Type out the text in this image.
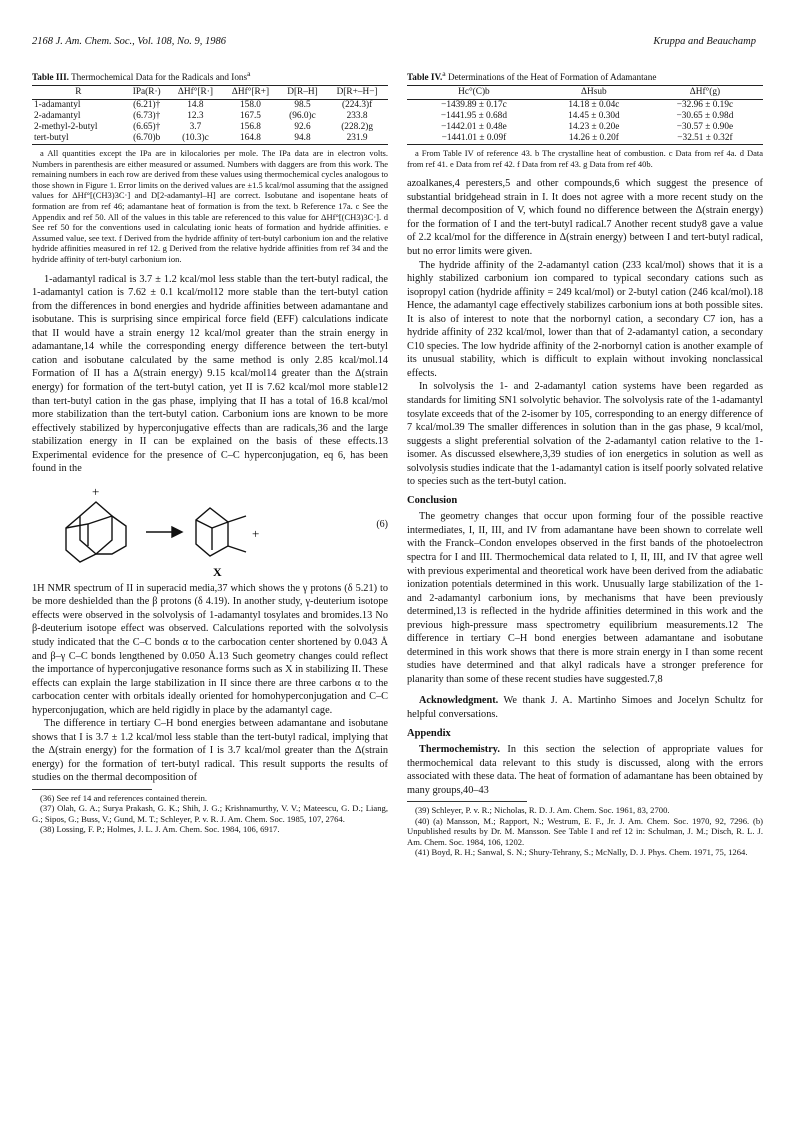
2168 J. Am. Chem. Soc., Vol. 108, No. 9, 1986	Kruppa and Beauchamp
Table III. Thermochemical Data for the Radicals and Ions$^a$
R	IPa(R·)	ΔHf°[R·]	ΔHf°[R+]	D[R–H]	D[R+–H−]
1-adamantyl	(6.21)†	14.8	158.0	98.5	(224.3)f
2-adamantyl	(6.73)†	12.3	167.5	(96.0)c	233.8
2-methyl-2-butyl	(6.65)†	3.7	156.8	92.6	(228.2)g
tert-butyl	(6.70)b	(10.3)c	164.8	94.8	231.9
a All quantities except the IPa are in kilocalories per mole. The IPa data are in electron volts. Numbers in parenthesis are either measured or assumed. Numbers with daggers are from this work. The remaining numbers in each row are derived from these values using thermochemical cycles analogous to those shown in Figure 1. Error limits on the derived values are ±1.5 kcal/mol assuming that the assigned values for ΔHf°[(CH3)3C·] and D[2-adamantyl–H] are correct. Isobutane and isopentane heats of formation are from ref 46; adamantane heat of formation is from the text. b Reference 17a. c See the Appendix and ref 50. All of the values in this table are referenced to this value for ΔHf°[(CH3)3C·]. d See ref 50 for the conventions used in calculating ionic heats of formation and hydride affinities. e Assumed value, see text. f Derived from the hydride affinity of tert-butyl carbonium ion and the relative hydride affinities measured in ref 12. g Derived from the relative hydride affinities from ref 34 and the hydride affinity of tert-butyl carbonium ion.

1-adamantyl radical is 3.7 ± 1.2 kcal/mol less stable than the tert-butyl radical, the 1-adamantyl cation is 7.62 ± 0.1 kcal/mol12 more stable than the tert-butyl cation from the differences in bond energies and hydride affinities between adamantane and isobutane. This is surprising since empirical force field (EFF) calculations indicate that II would have a strain energy 12 kcal/mol greater than the strain energy in adamantane,14 while the corresponding energy difference between the tert-butyl cation and isobutane calculated by the same method is only 2.85 kcal/mol.14 Formation of II has a Δ(strain energy) 9.15 kcal/mol14 greater than the Δ(strain energy) for formation of the tert-butyl cation, yet II is 7.62 kcal/mol more stable12 than tert-butyl cation in the gas phase, implying that II has a total of 16.8 kcal/mol more stabilization than the tert-butyl cation. Carbonium ions are known to be more effectively stabilized by hyperconjugative effects than are radicals,36 and the large stabilization energy in II can be explained on the basis of these effects.13 Experimental evidence for the presence of C–C hyperconjugation, eq 6, has been found in the

+
+
X
(6)

1H NMR spectrum of II in superacid media,37 which shows the γ protons (δ 5.21) to be more deshielded than the β protons (δ 4.19). In another study, γ-deuterium isotope effects were observed in the solvolysis of 1-adamantyl tosylates and bromides.13 No β-deuterium isotope effect was observed. Calculations reported with the solvolysis study indicated that the C–C bonds α to the carbocation center shortened by 0.043 Å and β–γ C–C bonds lengthened by 0.050 Å.13 Such geometry changes could reflect the importance of hyperconjugative resonance forms such as X in stabilizing II. These effects can explain the large stabilization in II since there are three carbons α to the carbocation center with orbitals ideally oriented for homohyperconjugation and C–C hyperconjugation, which are held rigidly in place by the adamantyl cage.

The difference in tertiary C–H bond energies between adamantane and isobutane shows that I is 3.7 ± 1.2 kcal/mol less stable than the tert-butyl radical, implying that the Δ(strain energy) for the formation of I is 3.7 kcal/mol greater than the Δ(strain energy) for the formation of tert-butyl radical. This result supports the results of studies on the thermal decomposition of

(36) See ref 14 and references contained therein.

(37) Olah, G. A.; Surya Prakash, G. K.; Shih, J. G.; Krishnamurthy, V. V.; Mateescu, G. D.; Liang, G.; Sipos, G.; Buss, V.; Gund, M. T.; Schleyer, P. v. R. J. Am. Chem. Soc. 1985, 107, 2764.

(38) Lossing, F. P.; Holmes, J. L. J. Am. Chem. Soc. 1984, 106, 6917.

Table IV.$^a$ Determinations of the Heat of Formation of Adamantane
Hc°(C)b	ΔHsub	ΔHf°(g)
−1439.89 ± 0.17c	14.18 ± 0.04c	−32.96 ± 0.19c
−1441.95 ± 0.68d	14.45 ± 0.30d	−30.65 ± 0.98d
−1442.01 ± 0.48e	14.23 ± 0.20e	−30.57 ± 0.90e
−1441.01 ± 0.09f	14.26 ± 0.20f	−32.51 ± 0.32f
a From Table IV of reference 43. b The crystalline heat of combustion. c Data from ref 4a. d Data from ref 41. e Data from ref 42. f Data from ref 43. g Data from ref 40b.

azoalkanes,4 peresters,5 and other compounds,6 which suggest the presence of substantial bridgehead strain in I. It does not agree with a more recent study on the thermal decomposition of V, which found no difference between the Δ(strain energy) for the formation of I and the tert-butyl radical.7 Another recent study8 gave a value of 2.2 kcal/mol for the difference in Δ(strain energy) between I and tert-butyl radical, but no error limits were given.

The hydride affinity of the 2-adamantyl cation (233 kcal/mol) shows that it is a highly stabilized carbonium ion compared to typical secondary cations such as isopropyl cation (hydride affinity = 249 kcal/mol) or 2-butyl cation (246 kcal/mol).18 Hence, the adamantyl cage effectively stabilizes carbonium ions at both possible sites. It is also of interest to note that the norbornyl cation, a secondary C7 ion, has a hydride affinity of 232 kcal/mol, lower than that of 2-adamantyl cation, a secondary C10 species. The low hydride affinity of the 2-norbornyl cation is another example of its unusual stability, which is difficult to explain without invoking nonclassical effects.

In solvolysis the 1- and 2-adamantyl cation systems have been regarded as standards for limiting SN1 solvolytic behavior. The solvolysis rate of the 1-adamantyl tosylate exceeds that of the 2-isomer by 105, corresponding to an energy difference of 7 kcal/mol.39 The smaller differences in solution than in the gas phase, 9 kcal/mol, suggests a slight preferential solvation of the 2-adamantyl cation relative to the 1-isomer. As discussed elsewhere,3,39 studies of ion energetics in solution as well as solvolysis studies indicate that the 1-adamantyl cation is itself poorly solvated relative to species such as the tert-butyl cation.

Conclusion

The geometry changes that occur upon forming four of the possible reactive intermediates, I, II, III, and IV from adamantane have been shown to correlate well with the Franck–Condon envelopes observed in the first bands of the photoelectron spectra for I and III. Thermochemical data related to I, II, III, and IV that agree well with previous experimental and theoretical work have been derived from the adiabatic ionization potentials determined in this work. Unusually large stabilization of the 1- and 2-adamantyl carbonium ions, by mechanisms that have been previously determined,13 is reflected in the hydride affinities determined in this work and the previous high-pressure mass spectrometry equilibrium measurements.12 The difference in tertiary C–H bond energies between adamantane and isobutane determined in this work shows that there is more strain energy in I than some recent studies have determined and that alkyl radicals have a stronger preference for planarity than some of these recent studies have suggested.7,8

Acknowledgment. We thank J. A. Martinho Simoes and Jocelyn Schultz for helpful conversations.

Appendix

Thermochemistry. In this section the selection of appropriate values for thermochemical data relevant to this study is discussed, along with the errors associated with these data. The heat of formation of adamantane has been obtained by many groups,40–43

(39) Schleyer, P. v. R.; Nicholas, R. D. J. Am. Chem. Soc. 1961, 83, 2700.

(40) (a) Mansson, M.; Rapport, N.; Westrum, E. F., Jr. J. Am. Chem. Soc. 1970, 92, 7296. (b) Unpublished results by Dr. M. Mansson. See Table I and ref 12 in: Schulman, J. M.; Disch, R. L. J. Am. Chem. Soc. 1984, 106, 1202.

(41) Boyd, R. H.; Sanwal, S. N.; Shury-Tehrany, S.; McNally, D. J. Phys. Chem. 1971, 75, 1264.
